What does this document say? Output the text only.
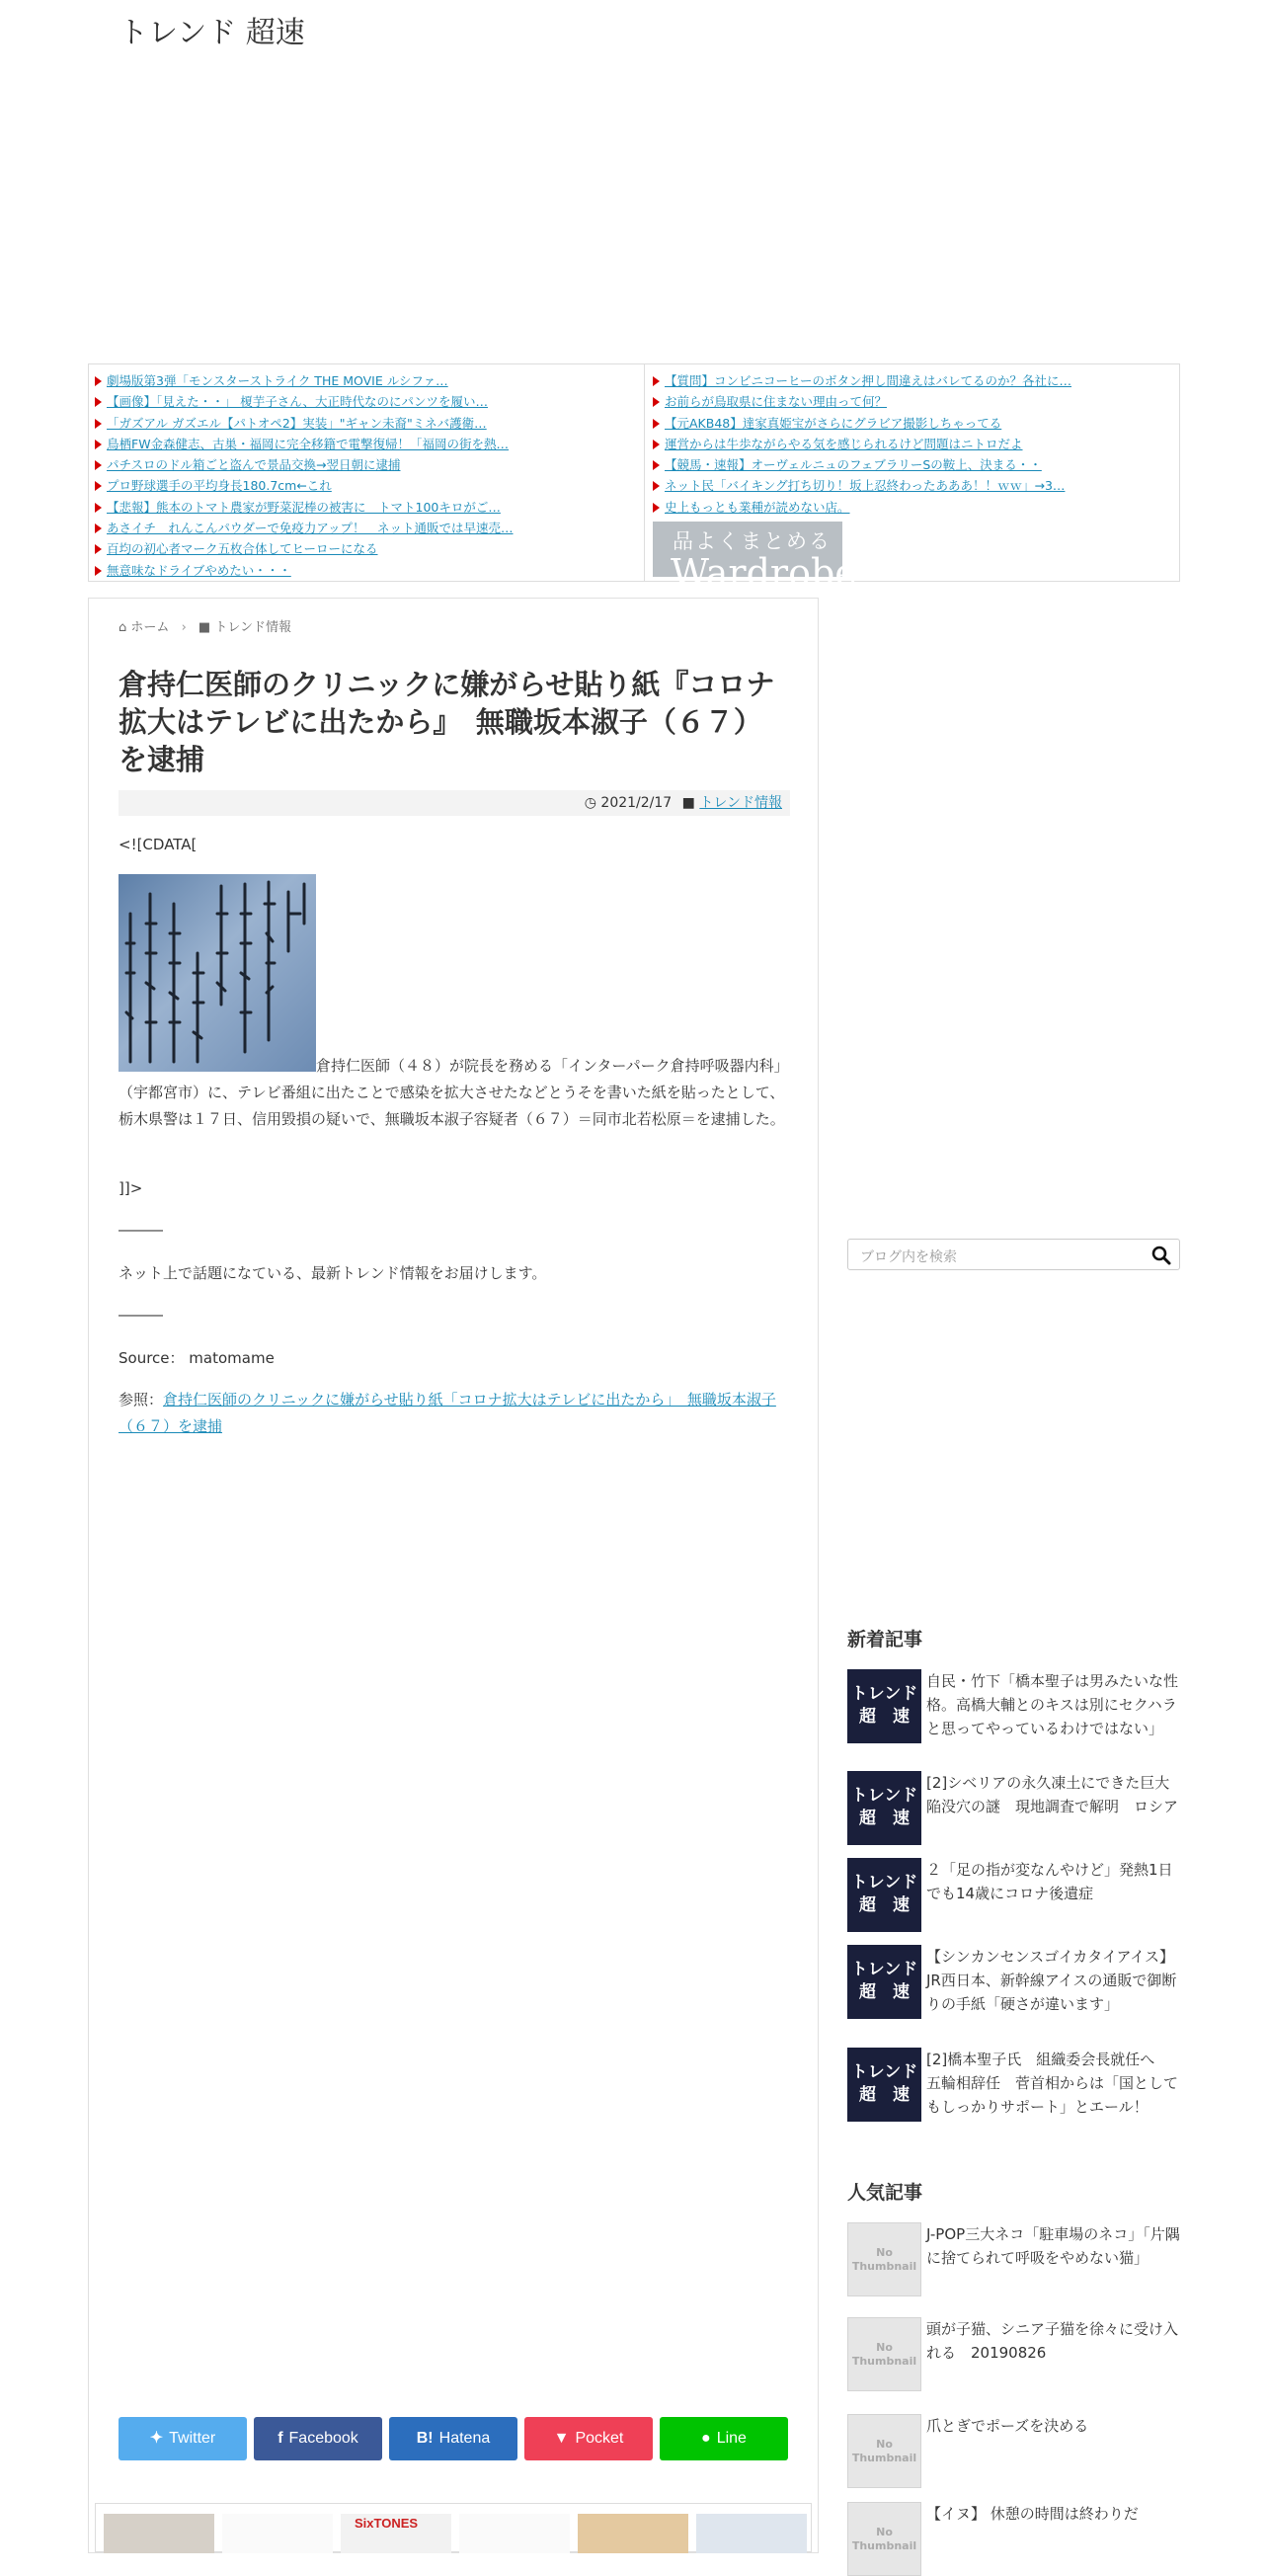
トレンド 超速
劇場版第3弾「モンスターストライク THE MOVIE ルシファ…
【画像】「見えた・・」 榎芋子さん、大正時代なのにパンツを履い…
「ガズアル ガズエル【パトオペ2】実装」"ギャン未裔"ミネバ護衛…
鳥栖FW金森健志、古巣・福岡に完全移籍で電撃復帰！「福岡の街を熱…
パチスロのドル箱ごと盗んで景品交換→翌日朝に逮捕
プロ野球選手の平均身長180.7cm←これ
【悲報】熊本のトマト農家が野菜泥棒の被害に　トマト100キロがご…
あさイチ　れんこんパウダーで免疫力アップ！　ネット通販では早速売…
百均の初心者マーク五枚合体してヒーローになる
無意味なドライブやめたい・・・
【質問】コンビニコーヒーのボタン押し間違えはバレてるのか？各社に…
お前らが鳥取県に住まない理由って何？
【元AKB48】達家真姫宝がさらにグラビア撮影しちゃってる
運営からは牛歩ながらやる気を感じられるけど問題はニトロだよ
【競馬・速報】オーヴェルニュのフェブラリーSの鞍上、決まる・・
ネット民「バイキング打ち切り！坂上忍終わったあああ！！ｗｗ」→3…
史上もっとも業種が読めない店。
品よくまとめる
Wardrobe
⌂ ホーム › ■ トレンド情報
倉持仁医師のクリニックに嫌がらせ貼り紙『コロナ拡大はテレビに出たから』　無職坂本淑子（６７）を逮捕
◷ 2021/2/17 ■ トレンド情報
<![CDATA[
倉持仁医師（４８）が院長を務める「インターパーク倉持呼吸器内科」（宇都宮市）に、テレビ番組に出たことで感染を拡大させたなどとうそを書いた紙を貼ったとして、栃木県警は１７日、信用毀損の疑いで、無職坂本淑子容疑者（６７）＝同市北若松原＝を逮捕した。
]]>
―――
ネット上で話題になている、最新トレンド情報をお届けします。
―――
Source： matomame
参照：倉持仁医師のクリニックに嫌がらせ貼り紙「コロナ拡大はテレビに出たから」　無職坂本淑子（６７）を逮捕
✦ Twitter	f Facebook	B! Hatena	▼ Pocket	● Line
SixTONES
ブログ内を検索
新着記事
トレンド
超　速
自民・竹下「橋本聖子は男みたいな性格。高橋大輔とのキスは別にセクハラと思ってやっているわけではない」
トレンド
超　速
[2]シベリアの永久凍土にできた巨大陥没穴の謎　現地調査で解明　ロシア
トレンド
超　速
２「足の指が変なんやけど」発熱1日でも14歳にコロナ後遺症
トレンド
超　速
【シンカンセンスゴイカタイアイス】JR西日本、新幹線アイスの通販で御断りの手紙「硬さが違います」
トレンド
超　速
[2]橋本聖子氏　組織委会長就任へ　五輪相辞任　菅首相からは「国としてもしっかりサポート」とエール！
人気記事
No
Thumbnail
J-POP三大ネコ「駐車場のネコ」「片隅に捨てられて呼吸をやめない猫」
No
Thumbnail
頭が子猫、シニア子猫を徐々に受け入れる　20190826
No
Thumbnail
爪とぎでポーズを決める
No
Thumbnail
【イヌ】 休憩の時間は終わりだ
